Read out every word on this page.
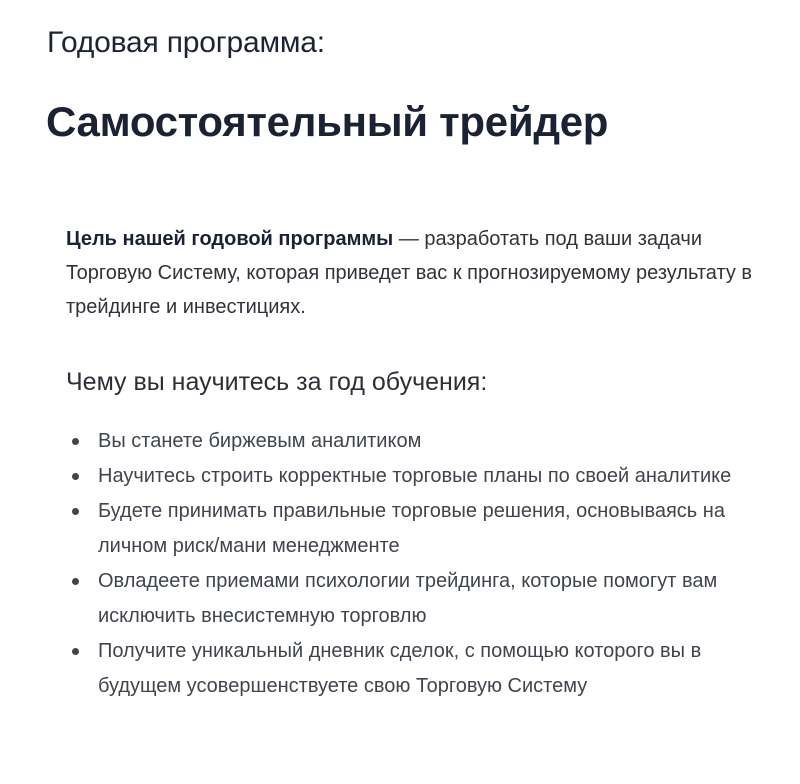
Годовая программа:
Самостоятельный трейдер

Цель нашей годовой программы — разработать под ваши задачи Торговую Систему, которая приведет вас к прогнозируемому результату в трейдинге и инвестициях.

Чему вы научитесь за год обучения:
Вы станете биржевым аналитиком
Научитесь строить корректные торговые планы по своей аналитике
Будете принимать правильные торговые решения, основываясь на личном риск/мани менеджменте
Овладеете приемами психологии трейдинга, которые помогут вам исключить внесистемную торговлю
Получите уникальный дневник сделок, с помощью которого вы в будущем усовершенствуете свою Торговую Систему
